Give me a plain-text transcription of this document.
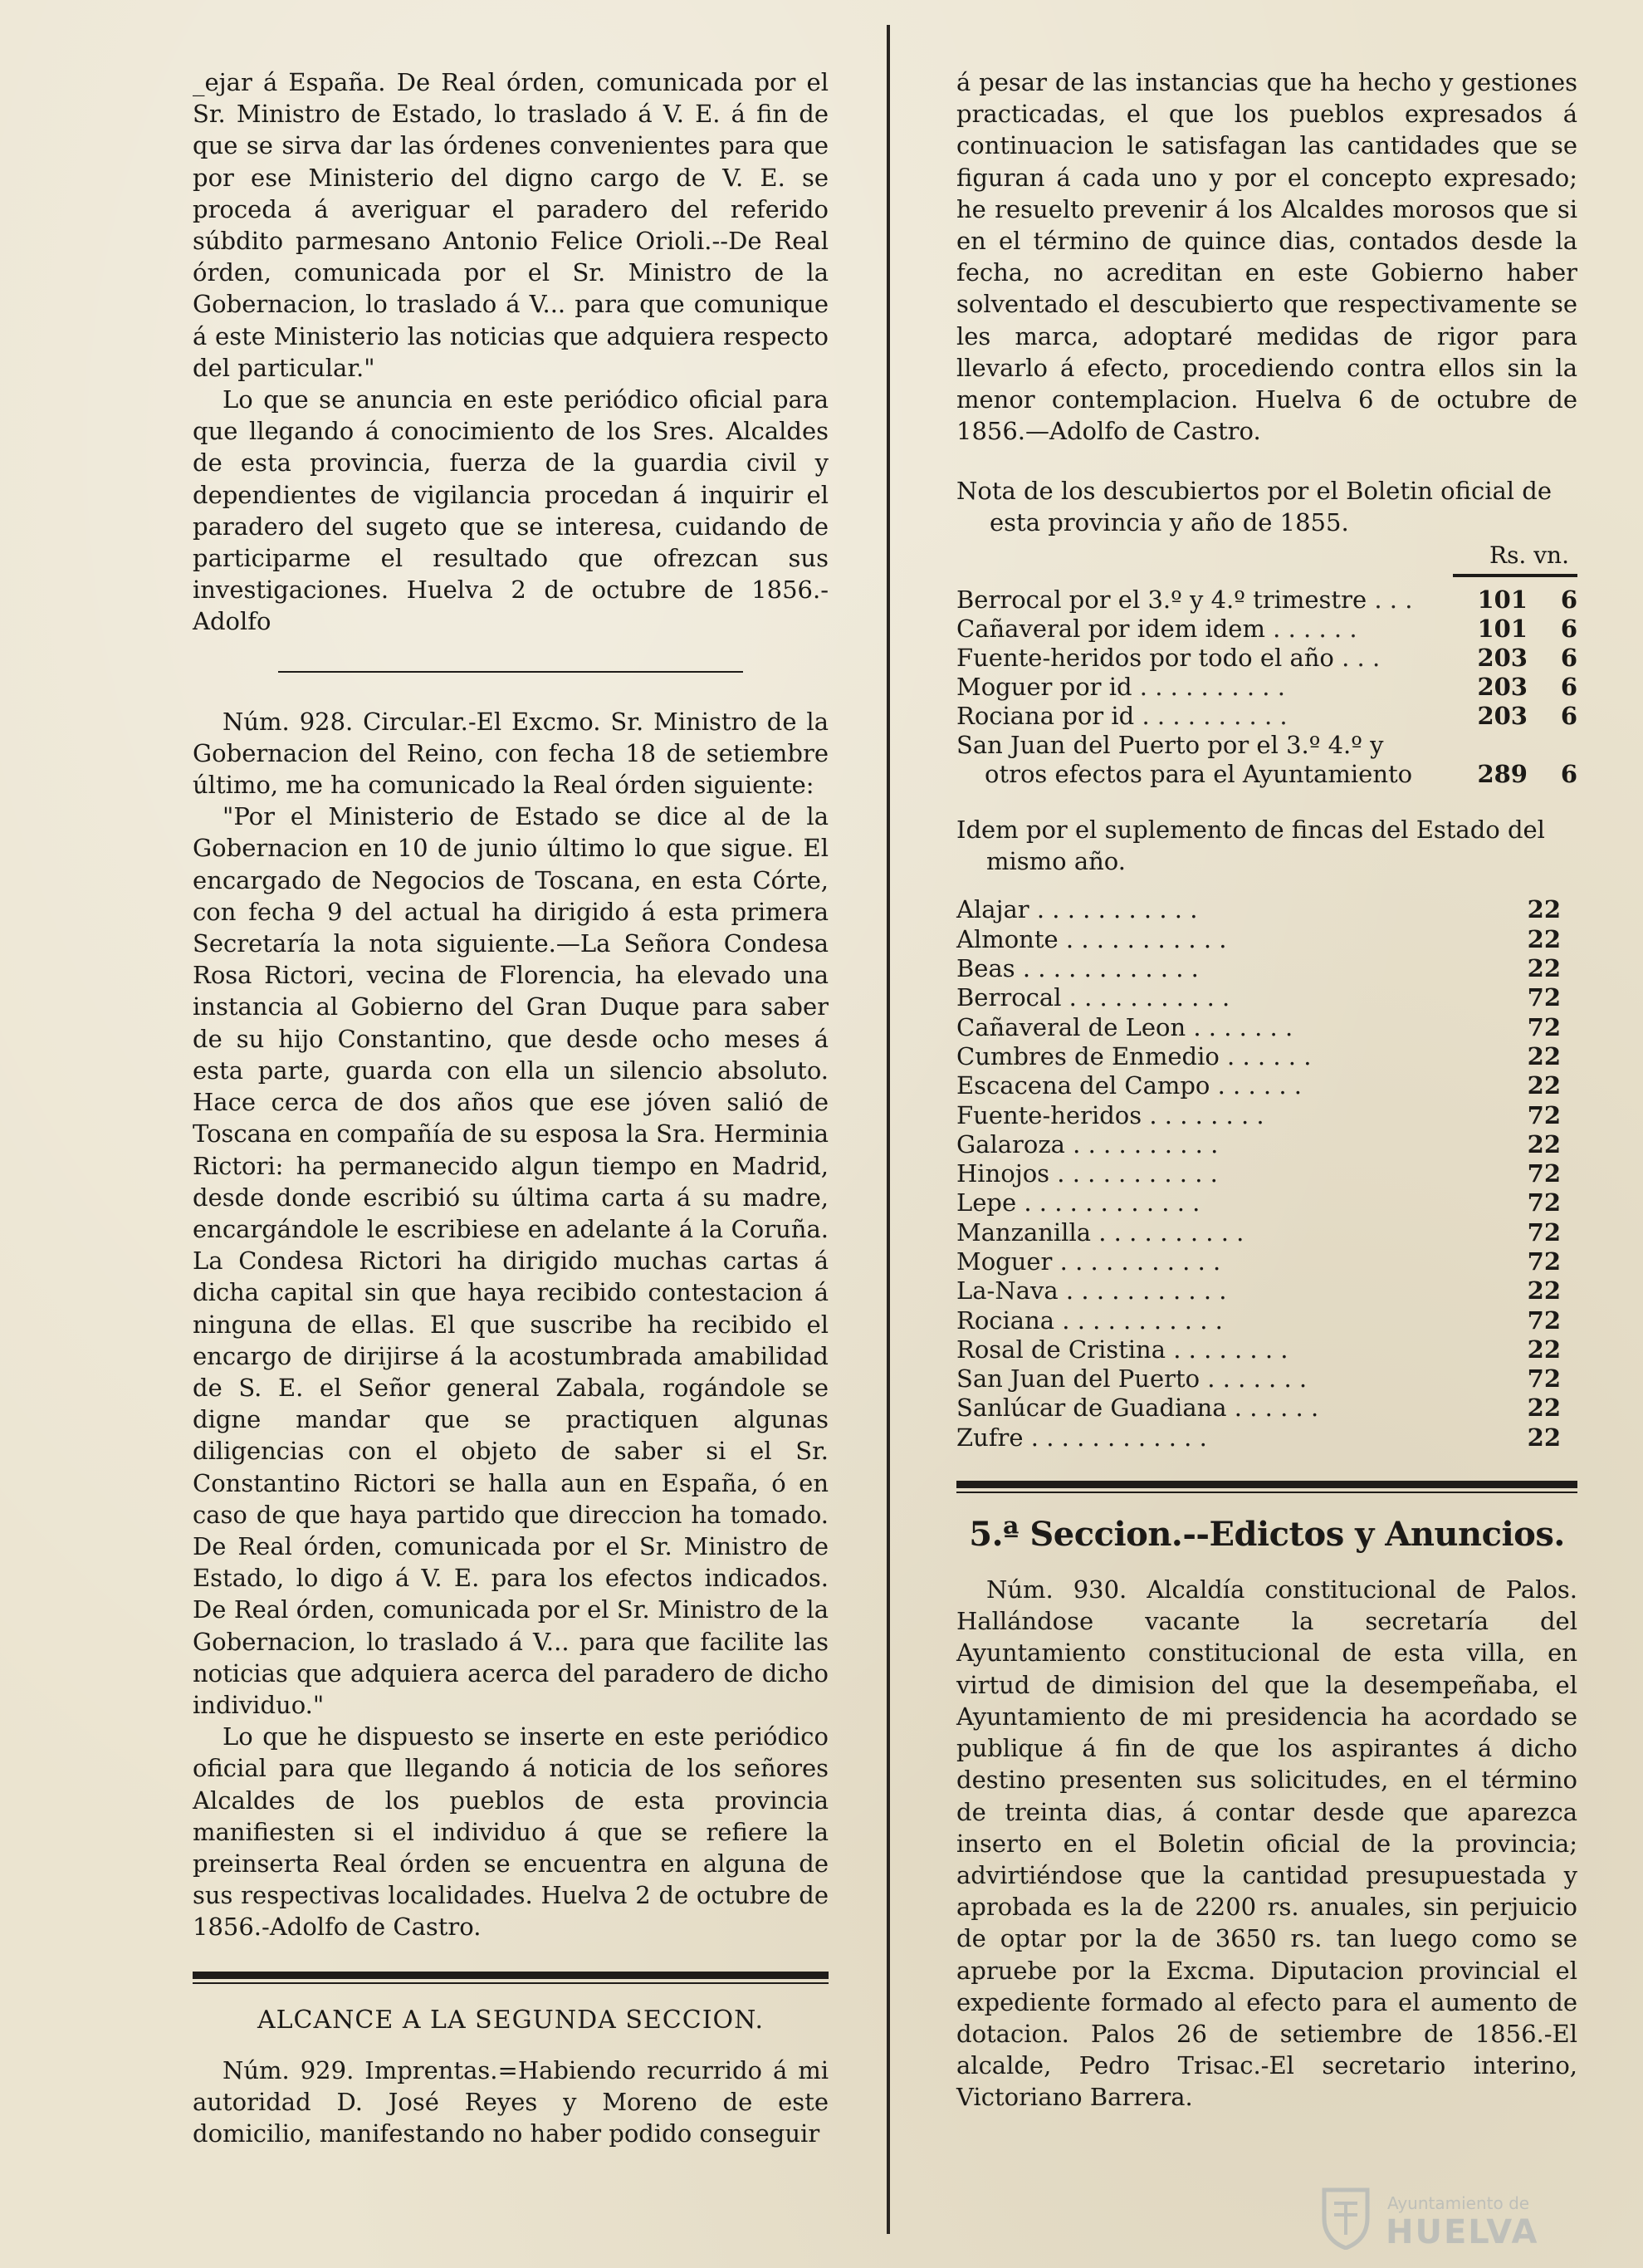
_ejar á España. De Real órden, comunicada por el Sr. Ministro de Estado, lo traslado á V. E. á fin de que se sirva dar las órdenes convenientes para que por ese Ministerio del digno cargo de V. E. se proceda á averiguar el paradero del referido súbdito parmesano Antonio Felice Orioli.--De Real órden, comunicada por el Sr. Ministro de la Gobernacion, lo traslado á V... para que comunique á este Ministerio las noticias que adquiera respecto del particular."

Lo que se anuncia en este periódico oficial para que llegando á conocimiento de los Sres. Alcaldes de esta provincia, fuerza de la guardia civil y dependientes de vigilancia procedan á inquirir el paradero del sugeto que se interesa, cuidando de participarme el resultado que ofrezcan sus investigaciones. Huelva 2 de octubre de 1856.-Adolfo

Núm. 928. Circular.-El Excmo. Sr. Ministro de la Gobernacion del Reino, con fecha 18 de setiembre último, me ha comunicado la Real órden siguiente:

"Por el Ministerio de Estado se dice al de la Gobernacion en 10 de junio último lo que sigue. El encargado de Negocios de Toscana, en esta Córte, con fecha 9 del actual ha dirigido á esta primera Secretaría la nota siguiente.—La Señora Condesa Rosa Rictori, vecina de Florencia, ha elevado una instancia al Gobierno del Gran Duque para saber de su hijo Constantino, que desde ocho meses á esta parte, guarda con ella un silencio absoluto. Hace cerca de dos años que ese jóven salió de Toscana en compañía de su esposa la Sra. Herminia Rictori: ha permanecido algun tiempo en Madrid, desde donde escribió su última carta á su madre, encargándole le escribiese en adelante á la Coruña. La Condesa Rictori ha dirigido muchas cartas á dicha capital sin que haya recibido contestacion á ninguna de ellas. El que suscribe ha recibido el encargo de dirijirse á la acostumbrada amabilidad de S. E. el Señor general Zabala, rogándole se digne mandar que se practiquen algunas diligencias con el objeto de saber si el Sr. Constantino Rictori se halla aun en España, ó en caso de que haya partido que direccion ha tomado. De Real órden, comunicada por el Sr. Ministro de Estado, lo digo á V. E. para los efectos indicados. De Real órden, comunicada por el Sr. Ministro de la Gobernacion, lo traslado á V... para que facilite las noticias que adquiera acerca del paradero de dicho individuo."

Lo que he dispuesto se inserte en este periódico oficial para que llegando á noticia de los señores Alcaldes de los pueblos de esta provincia manifiesten si el individuo á que se refiere la preinserta Real órden se encuentra en alguna de sus respectivas localidades. Huelva 2 de octubre de 1856.-Adolfo de Castro.

ALCANCE A LA SEGUNDA SECCION.

Núm. 929. Imprentas.=Habiendo recurrido á mi autoridad D. José Reyes y Moreno de este domicilio, manifestando no haber podido conseguir

á pesar de las instancias que ha hecho y gestiones practicadas, el que los pueblos expresados á continuacion le satisfagan las cantidades que se figuran á cada uno y por el concepto expresado; he resuelto prevenir á los Alcaldes morosos que si en el término de quince dias, contados desde la fecha, no acreditan en este Gobierno haber solventado el descubierto que respectivamente se les marca, adoptaré medidas de rigor para llevarlo á efecto, procediendo contra ellos sin la menor contemplacion. Huelva 6 de octubre de 1856.—Adolfo de Castro.

Nota de los descubiertos por el Boletin oficial de
esta provincia y año de 1855.
Rs. vn.
Berrocal por el 3.º y 4.º trimestre . . .	101	6
Cañaveral por idem idem . . . . . .	101	6
Fuente-heridos por todo el año . . .	203	6
Moguer por id . . . . . . . . . .	203	6
Rociana por id . . . . . . . . . .	203	6
San Juan del Puerto por el 3.º 4.º y		
otros efectos para el Ayuntamiento	289	6
Idem por el suplemento de fincas del Estado del
mismo año.
Alajar . . . . . . . . . . .	22
Almonte . . . . . . . . . . .	22
Beas . . . . . . . . . . . .	22
Berrocal . . . . . . . . . . .	72
Cañaveral de Leon . . . . . . .	72
Cumbres de Enmedio . . . . . .	22
Escacena del Campo . . . . . .	22
Fuente-heridos . . . . . . . .	72
Galaroza . . . . . . . . . .	22
Hinojos . . . . . . . . . . .	72
Lepe . . . . . . . . . . . .	72
Manzanilla . . . . . . . . . .	72
Moguer . . . . . . . . . . .	72
La-Nava . . . . . . . . . . .	22
Rociana . . . . . . . . . . .	72
Rosal de Cristina . . . . . . . .	22
San Juan del Puerto . . . . . . .	72
Sanlúcar de Guadiana . . . . . .	22
Zufre . . . . . . . . . . . .	22
5.ª Seccion.--Edictos y Anuncios.

Núm. 930. Alcaldía constitucional de Palos. Hallándose vacante la secretaría del Ayuntamiento constitucional de esta villa, en virtud de dimision del que la desempeñaba, el Ayuntamiento de mi presidencia ha acordado se publique á fin de que los aspirantes á dicho destino presenten sus solicitudes, en el término de treinta dias, á contar desde que aparezca inserto en el Boletin oficial de la provincia; advirtiéndose que la cantidad presupuestada y aprobada es la de 2200 rs. anuales, sin perjuicio de optar por la de 3650 rs. tan luego como se apruebe por la Excma. Diputacion provincial el expediente formado al efecto para el aumento de dotacion. Palos 26 de setiembre de 1856.-El alcalde, Pedro Trisac.-El secretario interino, Victoriano Barrera.

Ayuntamiento de
HUELVA
